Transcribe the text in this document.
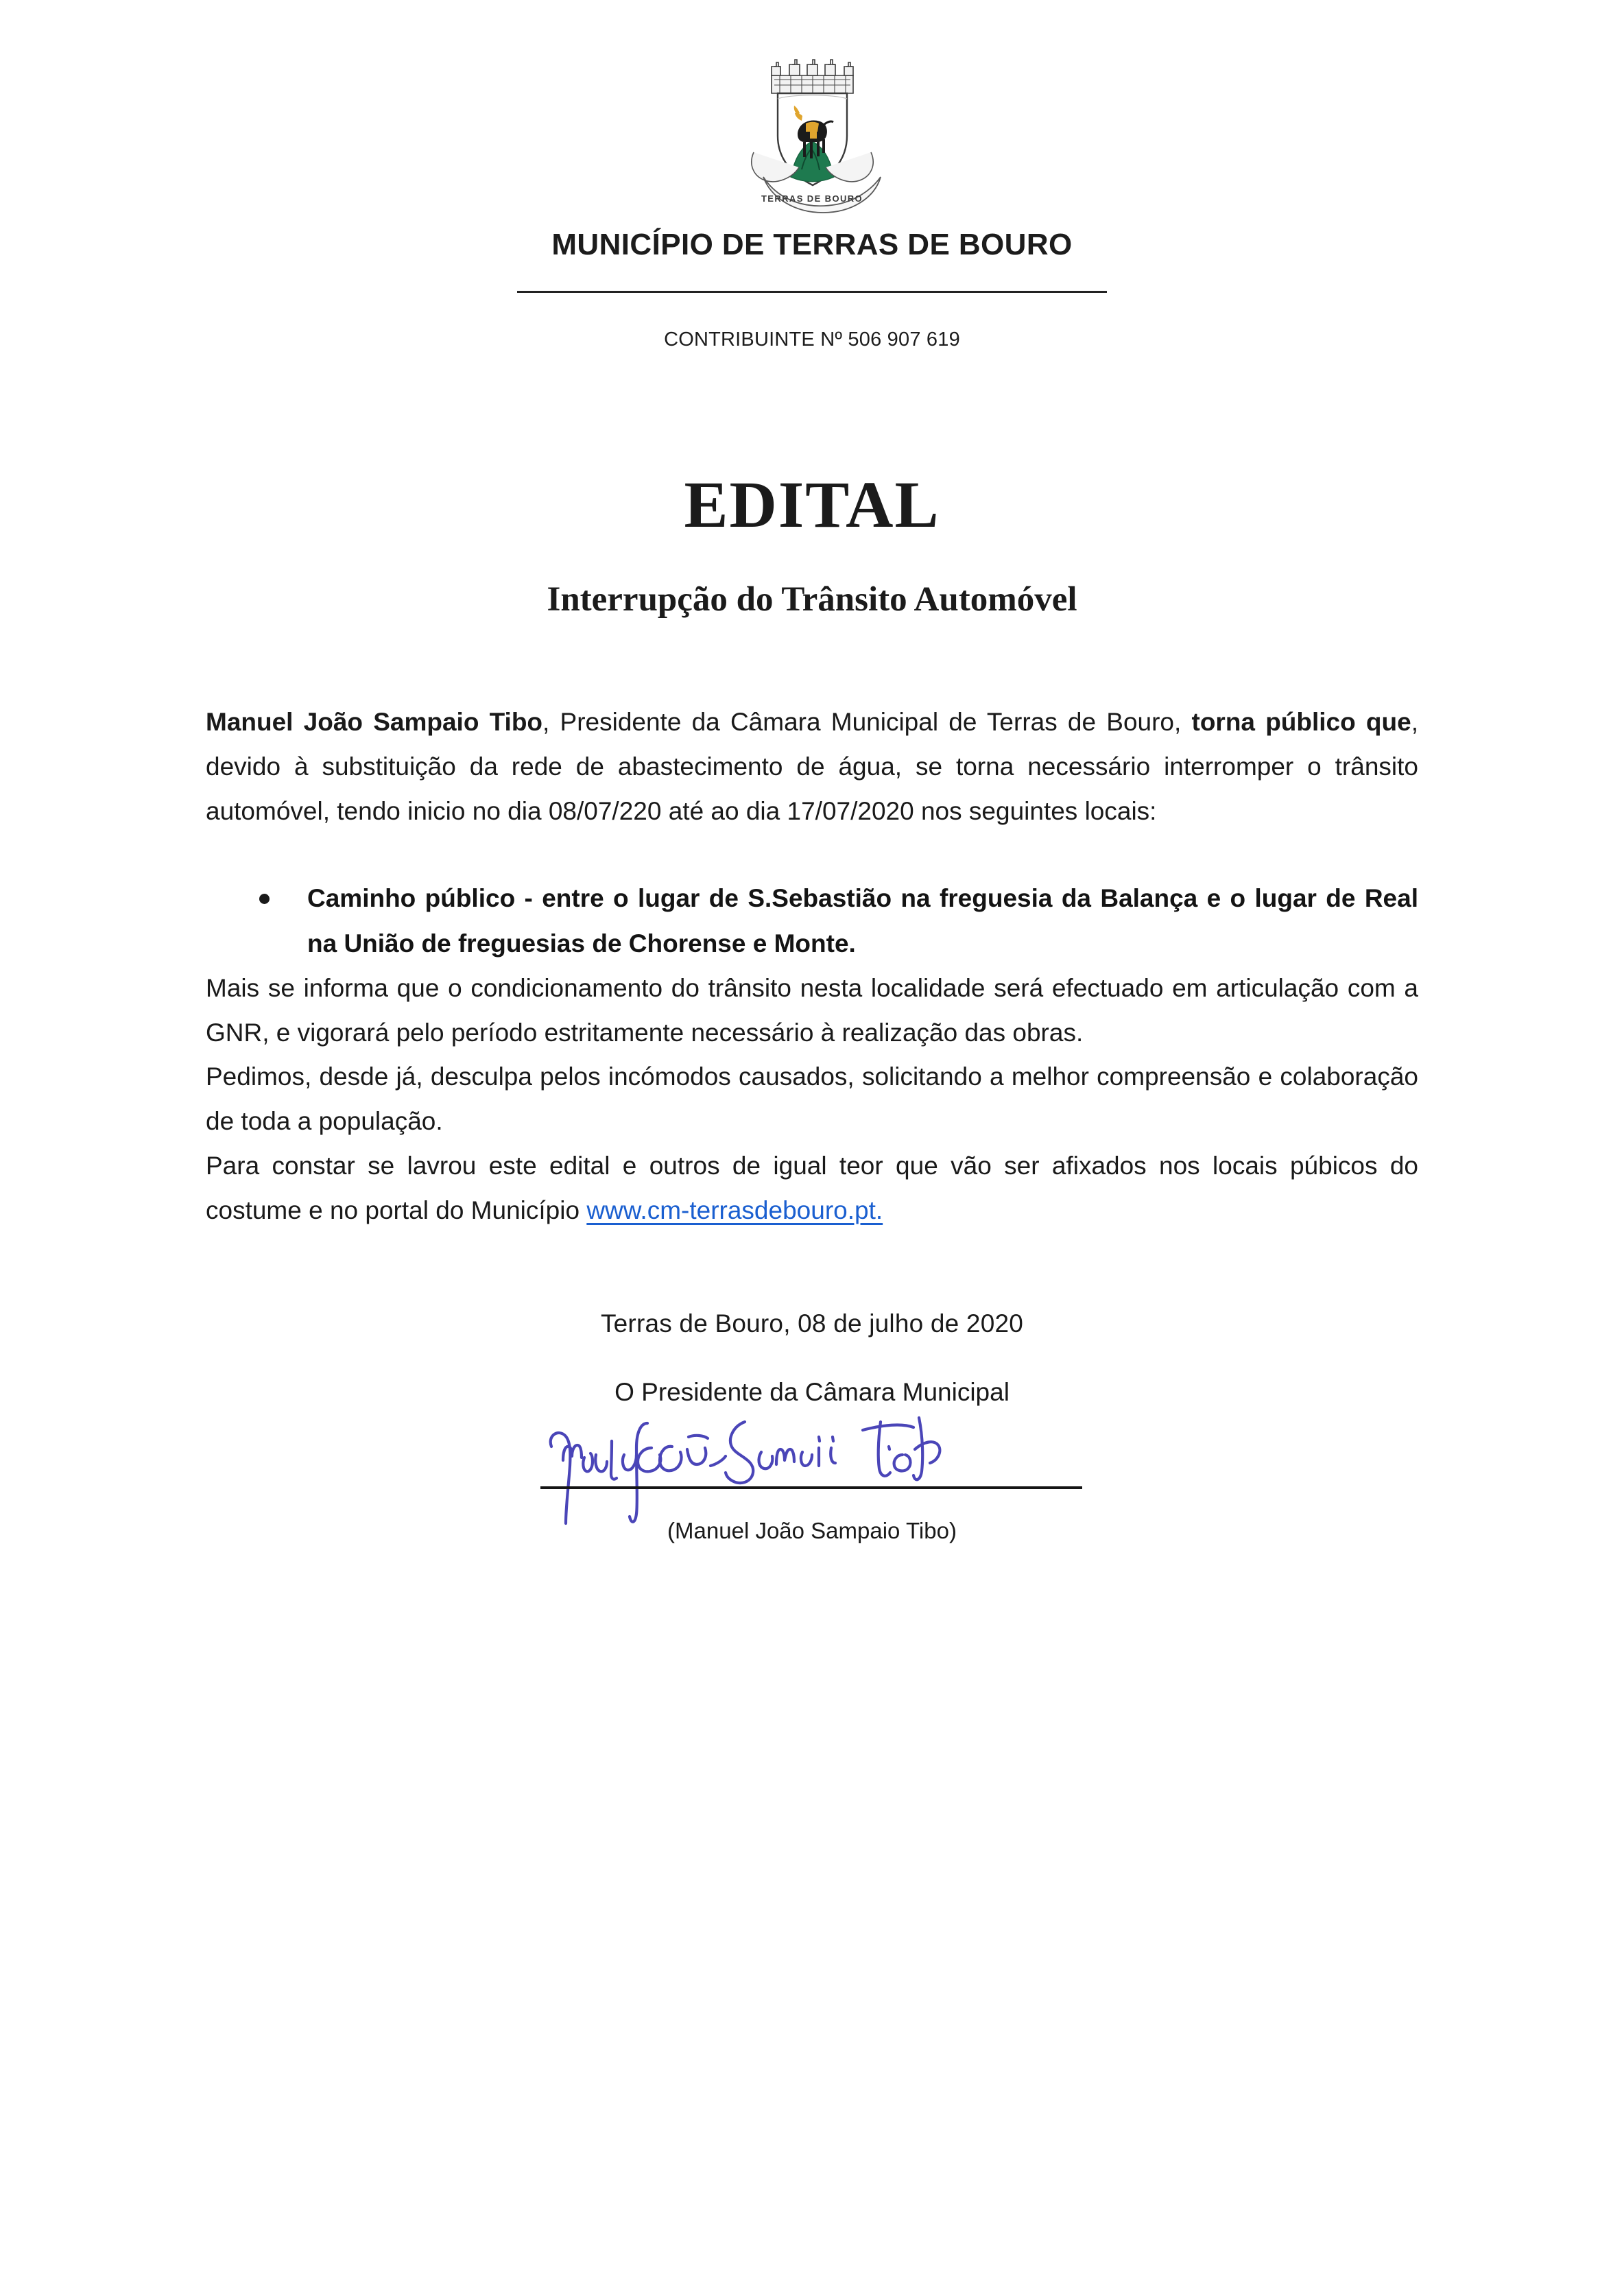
TERRAS DE BOURO
MUNICÍPIO DE TERRAS DE BOURO
CONTRIBUINTE Nº 506 907 619
EDITAL
Interrupção do Trânsito Automóvel

Manuel João Sampaio Tibo, Presidente da Câmara Municipal de Terras de Bouro, torna público que, devido à substituição da rede de abastecimento de água, se torna necessário interromper o trânsito automóvel, tendo inicio no dia 08/07/220 até ao dia 17/07/2020 nos seguintes locais:

Caminho público - entre o lugar de S.Sebastião na freguesia da Balança e o lugar de Real na União de freguesias de Chorense e Monte.

Mais se informa que o condicionamento do trânsito nesta localidade será efectuado em articulação com a GNR, e vigorará pelo período estritamente necessário à realização das obras.

Pedimos, desde já, desculpa pelos incómodos causados, solicitando a melhor compreensão e colaboração de toda a população.

Para constar se lavrou este edital e outros de igual teor que vão ser afixados nos locais púbicos do costume e no portal do Município www.cm-terrasdebouro.pt.

Terras de Bouro, 08 de julho de 2020
O Presidente da Câmara Municipal
(Manuel João Sampaio Tibo)
